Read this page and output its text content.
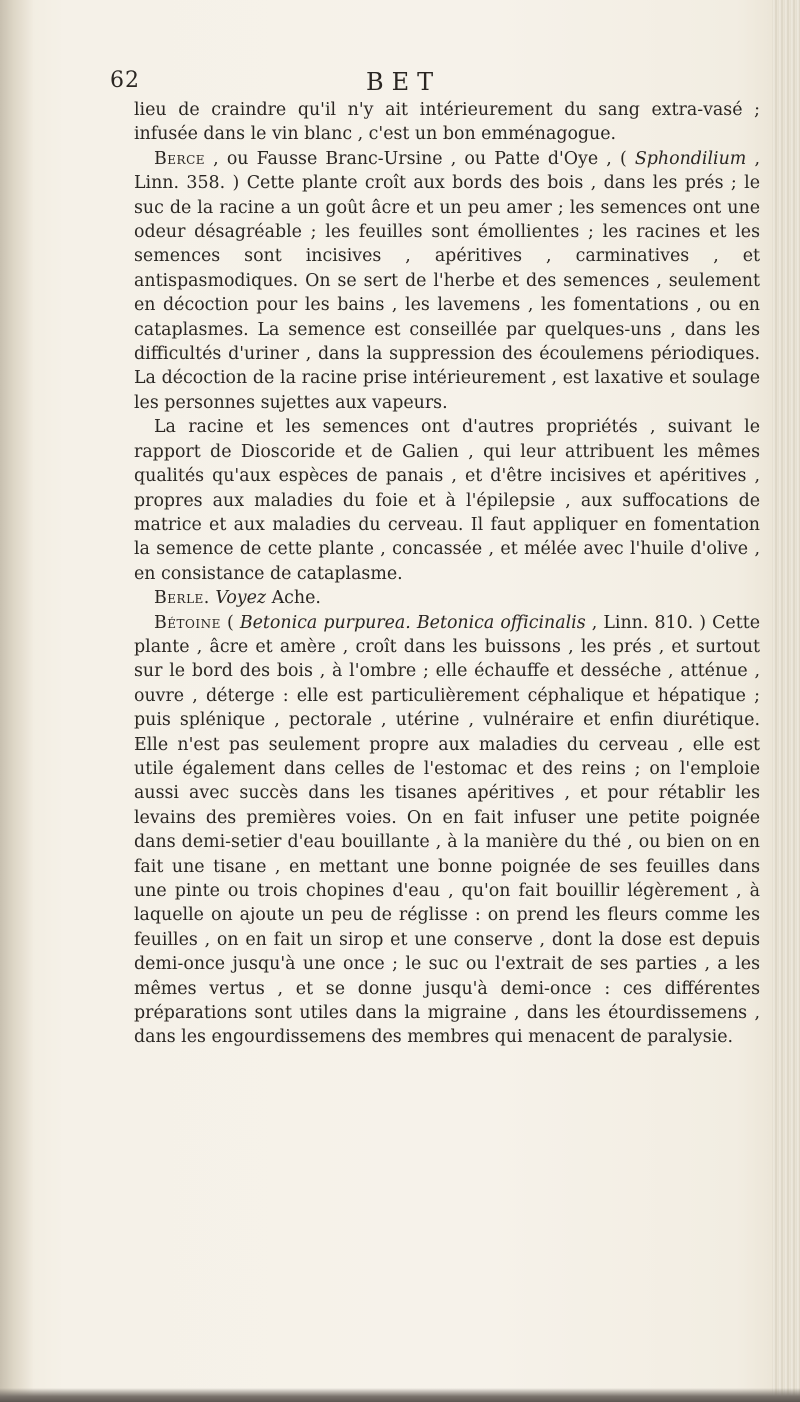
62	BET

lieu de craindre qu'il n'y ait intérieurement du sang extra-vasé ; infusée dans le vin blanc , c'est un bon emménagogue.

Berce , ou Fausse Branc-Ursine , ou Patte d'Oye , ( Sphondilium , Linn. 358. ) Cette plante croît aux bords des bois , dans les prés ; le suc de la racine a un goût âcre et un peu amer ; les semences ont une odeur désagréable ; les feuilles sont émollientes ; les racines et les semences sont incisives , apéritives , carminatives , et antispasmodiques. On se sert de l'herbe et des semences , seulement en décoction pour les bains , les lavemens , les fomentations , ou en cataplasmes. La semence est conseillée par quelques-uns , dans les difficultés d'uriner , dans la suppression des écoulemens périodiques. La décoction de la racine prise intérieurement , est laxative et soulage les personnes sujettes aux vapeurs.

La racine et les semences ont d'autres propriétés , suivant le rapport de Dioscoride et de Galien , qui leur attribuent les mêmes qualités qu'aux espèces de panais , et d'être incisives et apéritives , propres aux maladies du foie et à l'épilepsie , aux suffocations de matrice et aux maladies du cerveau. Il faut appliquer en fomentation la semence de cette plante , concassée , et mélée avec l'huile d'olive , en consistance de cataplasme.

Berle. Voyez Ache.

Bétoine ( Betonica purpurea. Betonica officinalis , Linn. 810. ) Cette plante , âcre et amère , croît dans les buissons , les prés , et surtout sur le bord des bois , à l'ombre ; elle échauffe et desséche , atténue , ouvre , déterge : elle est particulièrement céphalique et hépatique ; puis splénique , pectorale , utérine , vulnéraire et enfin diurétique. Elle n'est pas seulement propre aux maladies du cerveau , elle est utile également dans celles de l'estomac et des reins ; on l'emploie aussi avec succès dans les tisanes apéritives , et pour rétablir les levains des premières voies. On en fait infuser une petite poignée dans demi-setier d'eau bouillante , à la manière du thé , ou bien on en fait une tisane , en mettant une bonne poignée de ses feuilles dans une pinte ou trois chopines d'eau , qu'on fait bouillir légèrement , à laquelle on ajoute un peu de réglisse : on prend les fleurs comme les feuilles , on en fait un sirop et une conserve , dont la dose est depuis demi-once jusqu'à une once ; le suc ou l'extrait de ses parties , a les mêmes vertus , et se donne jusqu'à demi-once : ces différentes préparations sont utiles dans la migraine , dans les étourdissemens , dans les engourdissemens des membres qui menacent de paralysie.
